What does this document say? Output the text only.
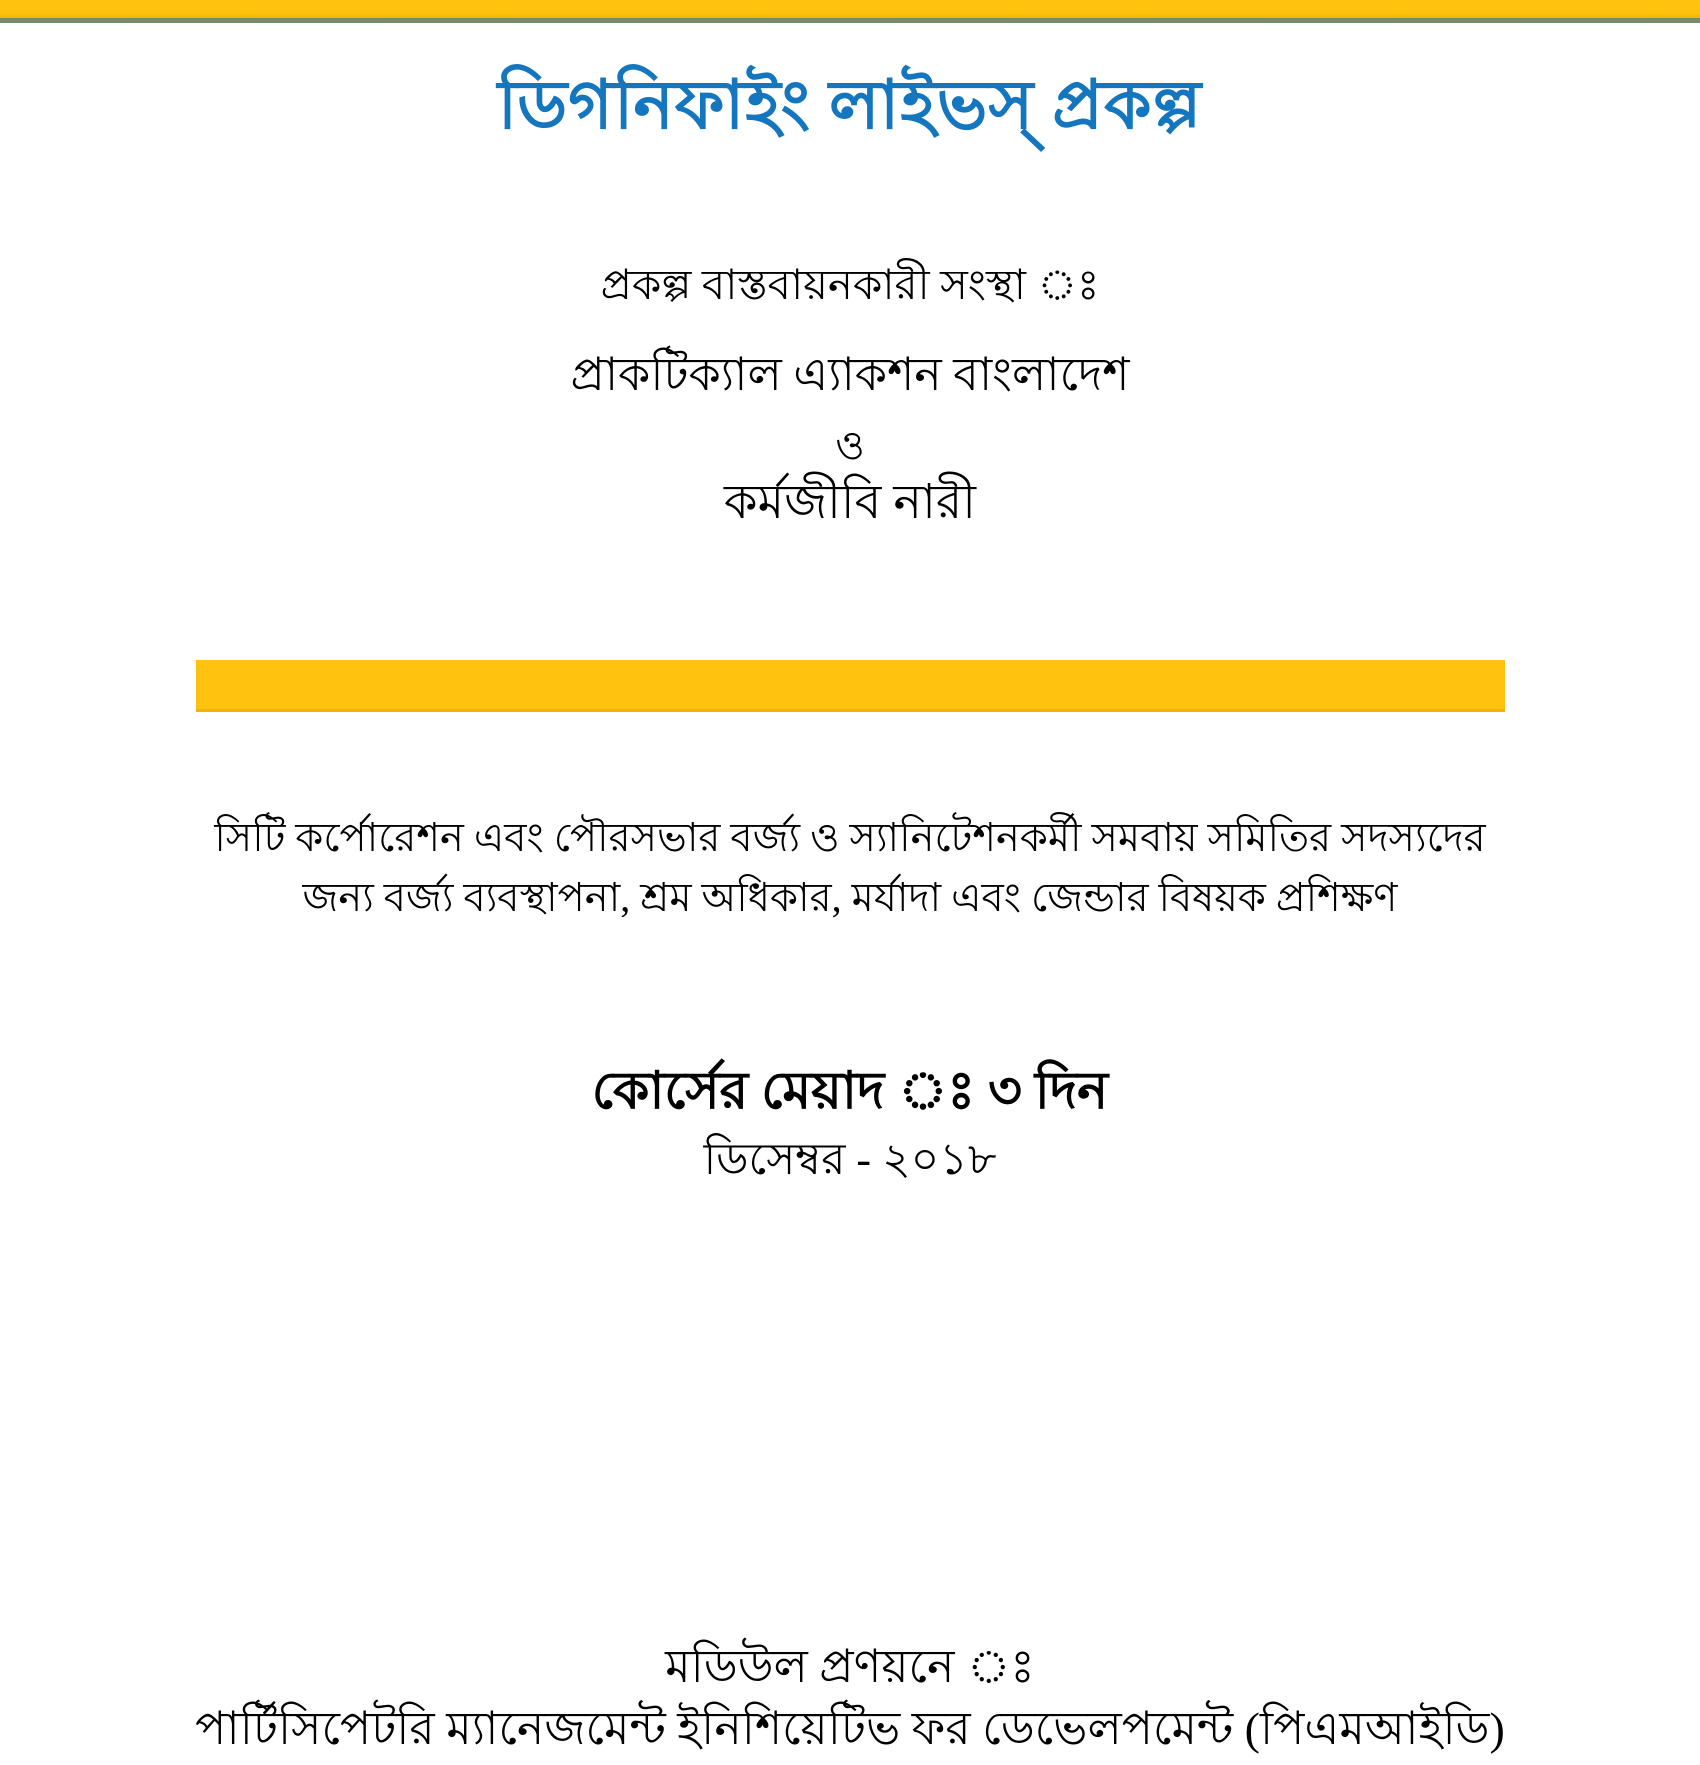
ডিগনিফাইং লাইভস্ প্রকল্প
প্রকল্প বাস্তবায়নকারী সংস্থা ঃ
প্রাকটিক্যাল এ্যাকশন বাংলাদেশ
ও
কর্মজীবি নারী
সিটি কর্পোরেশন এবং পৌরসভার বর্জ্য ও স্যানিটেশনকর্মী সমবায় সমিতির সদস্যদের
জন্য বর্জ্য ব্যবস্থাপনা, শ্রম অধিকার, মর্যাদা এবং জেন্ডার বিষয়ক প্রশিক্ষণ
কোর্সের মেয়াদ ঃ ৩ দিন
ডিসেম্বর - ২০১৮
মডিউল প্রণয়নে ঃ
পার্টিসিপেটরি ম্যানেজমেন্ট ইনিশিয়েটিভ ফর ডেভেলপমেন্ট (পিএমআইডি)
